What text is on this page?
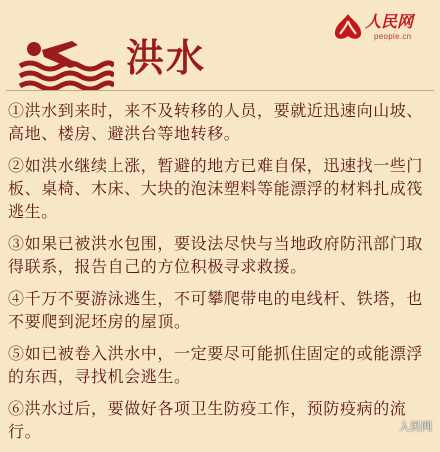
洪水
人民网
people.cn
①洪水到来时，来不及转移的人员，要就近迅速向山坡、高地、楼房、避洪台等地转移。
②如洪水继续上涨，暂避的地方已难自保，迅速找一些门板、桌椅、木床、大块的泡沫塑料等能漂浮的材料扎成筏逃生。
③如果已被洪水包围，要设法尽快与当地政府防汛部门取得联系，报告自己的方位积极寻求救援。
④千万不要游泳逃生，不可攀爬带电的电线杆、铁塔，也不要爬到泥坯房的屋顶。
⑤如已被卷入洪水中，一定要尽可能抓住固定的或能漂浮的东西，寻找机会逃生。
⑥洪水过后，要做好各项卫生防疫工作，预防疫病的流行。	人民网
